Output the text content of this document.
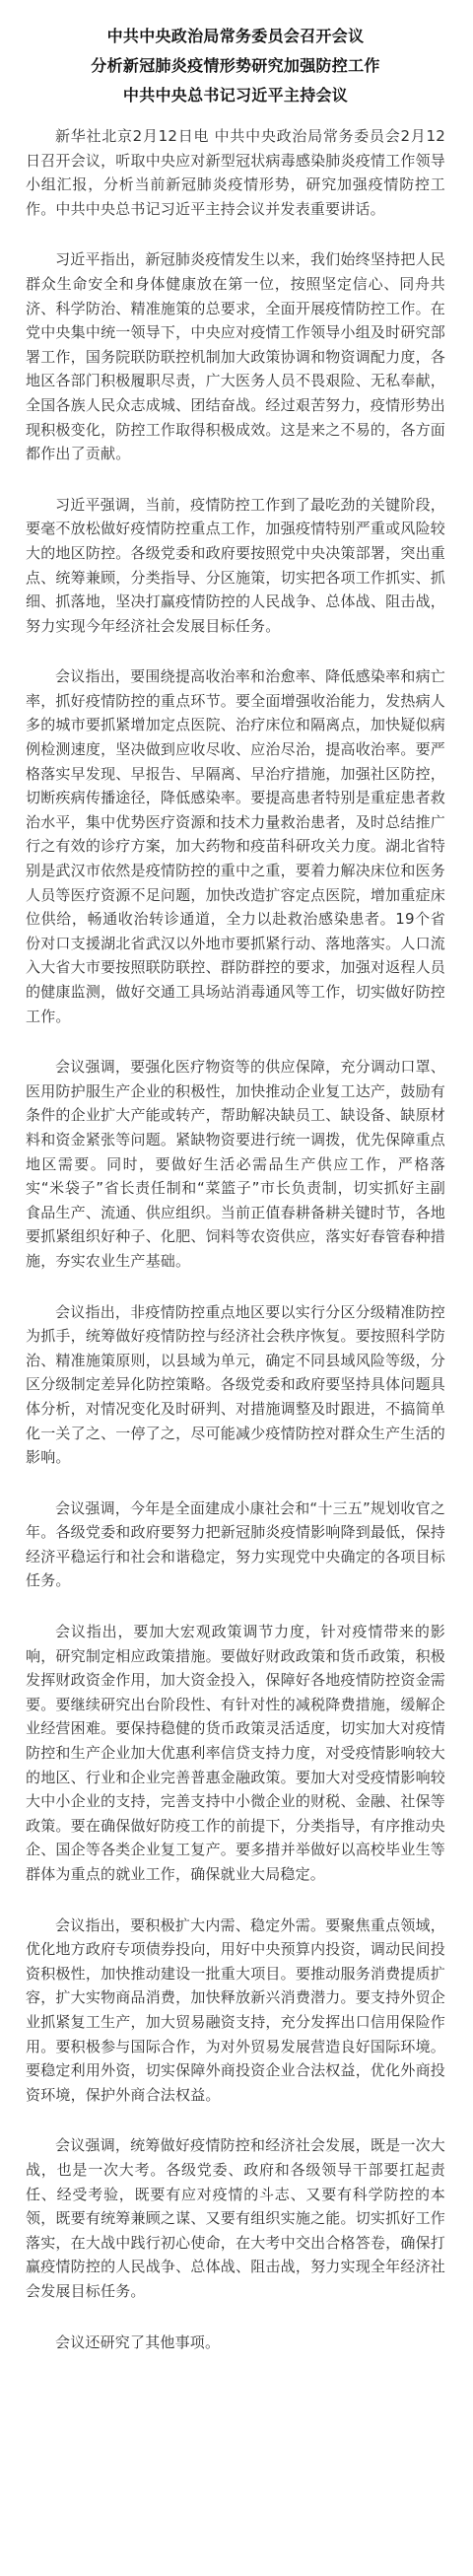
中共中央政治局常务委员会召开会议
分析新冠肺炎疫情形势研究加强防控工作
中共中央总书记习近平主持会议

新华社北京2月12日电 中共中央政治局常务委员会2月12日召开会议，听取中央应对新型冠状病毒感染肺炎疫情工作领导小组汇报，分析当前新冠肺炎疫情形势，研究加强疫情防控工作。中共中央总书记习近平主持会议并发表重要讲话。

习近平指出，新冠肺炎疫情发生以来，我们始终坚持把人民群众生命安全和身体健康放在第一位，按照坚定信心、同舟共济、科学防治、精准施策的总要求，全面开展疫情防控工作。在党中央集中统一领导下，中央应对疫情工作领导小组及时研究部署工作，国务院联防联控机制加大政策协调和物资调配力度，各地区各部门积极履职尽责，广大医务人员不畏艰险、无私奉献，全国各族人民众志成城、团结奋战。经过艰苦努力，疫情形势出现积极变化，防控工作取得积极成效。这是来之不易的，各方面都作出了贡献。

习近平强调，当前，疫情防控工作到了最吃劲的关键阶段，要毫不放松做好疫情防控重点工作，加强疫情特别严重或风险较大的地区防控。各级党委和政府要按照党中央决策部署，突出重点、统筹兼顾，分类指导、分区施策，切实把各项工作抓实、抓细、抓落地，坚决打赢疫情防控的人民战争、总体战、阻击战，努力实现今年经济社会发展目标任务。

会议指出，要围绕提高收治率和治愈率、降低感染率和病亡率，抓好疫情防控的重点环节。要全面增强收治能力，发热病人多的城市要抓紧增加定点医院、治疗床位和隔离点，加快疑似病例检测速度，坚决做到应收尽收、应治尽治，提高收治率。要严格落实早发现、早报告、早隔离、早治疗措施，加强社区防控，切断疾病传播途径，降低感染率。要提高患者特别是重症患者救治水平，集中优势医疗资源和技术力量救治患者，及时总结推广行之有效的诊疗方案，加大药物和疫苗科研攻关力度。湖北省特别是武汉市依然是疫情防控的重中之重，要着力解决床位和医务人员等医疗资源不足问题，加快改造扩容定点医院，增加重症床位供给，畅通收治转诊通道，全力以赴救治感染患者。19个省份对口支援湖北省武汉以外地市要抓紧行动、落地落实。人口流入大省大市要按照联防联控、群防群控的要求，加强对返程人员的健康监测，做好交通工具场站消毒通风等工作，切实做好防控工作。

会议强调，要强化医疗物资等的供应保障，充分调动口罩、医用防护服生产企业的积极性，加快推动企业复工达产，鼓励有条件的企业扩大产能或转产，帮助解决缺员工、缺设备、缺原材料和资金紧张等问题。紧缺物资要进行统一调拨，优先保障重点地区需要。同时，要做好生活必需品生产供应工作，严格落实“米袋子”省长责任制和“菜篮子”市长负责制，切实抓好主副食品生产、流通、供应组织。当前正值春耕备耕关键时节，各地要抓紧组织好种子、化肥、饲料等农资供应，落实好春管春种措施，夯实农业生产基础。

会议指出，非疫情防控重点地区要以实行分区分级精准防控为抓手，统筹做好疫情防控与经济社会秩序恢复。要按照科学防治、精准施策原则，以县域为单元，确定不同县域风险等级，分区分级制定差异化防控策略。各级党委和政府要坚持具体问题具体分析，对情况变化及时研判、对措施调整及时跟进，不搞简单化一关了之、一停了之，尽可能减少疫情防控对群众生产生活的影响。

会议强调，今年是全面建成小康社会和“十三五”规划收官之年。各级党委和政府要努力把新冠肺炎疫情影响降到最低，保持经济平稳运行和社会和谐稳定，努力实现党中央确定的各项目标任务。

会议指出，要加大宏观政策调节力度，针对疫情带来的影响，研究制定相应政策措施。要做好财政政策和货币政策，积极发挥财政资金作用，加大资金投入，保障好各地疫情防控资金需要。要继续研究出台阶段性、有针对性的减税降费措施，缓解企业经营困难。要保持稳健的货币政策灵活适度，切实加大对疫情防控和生产企业加大优惠利率信贷支持力度，对受疫情影响较大的地区、行业和企业完善普惠金融政策。要加大对受疫情影响较大中小企业的支持，完善支持中小微企业的财税、金融、社保等政策。要在确保做好防疫工作的前提下，分类指导，有序推动央企、国企等各类企业复工复产。要多措并举做好以高校毕业生等群体为重点的就业工作，确保就业大局稳定。

会议指出，要积极扩大内需、稳定外需。要聚焦重点领域，优化地方政府专项债券投向，用好中央预算内投资，调动民间投资积极性，加快推动建设一批重大项目。要推动服务消费提质扩容，扩大实物商品消费，加快释放新兴消费潜力。要支持外贸企业抓紧复工生产，加大贸易融资支持，充分发挥出口信用保险作用。要积极参与国际合作，为对外贸易发展营造良好国际环境。要稳定利用外资，切实保障外商投资企业合法权益，优化外商投资环境，保护外商合法权益。

会议强调，统筹做好疫情防控和经济社会发展，既是一次大战，也是一次大考。各级党委、政府和各级领导干部要扛起责任、经受考验，既要有应对疫情的斗志、又要有科学防控的本领，既要有统筹兼顾之谋、又要有组织实施之能。切实抓好工作落实，在大战中践行初心使命，在大考中交出合格答卷，确保打赢疫情防控的人民战争、总体战、阻击战，努力实现全年经济社会发展目标任务。

会议还研究了其他事项。
